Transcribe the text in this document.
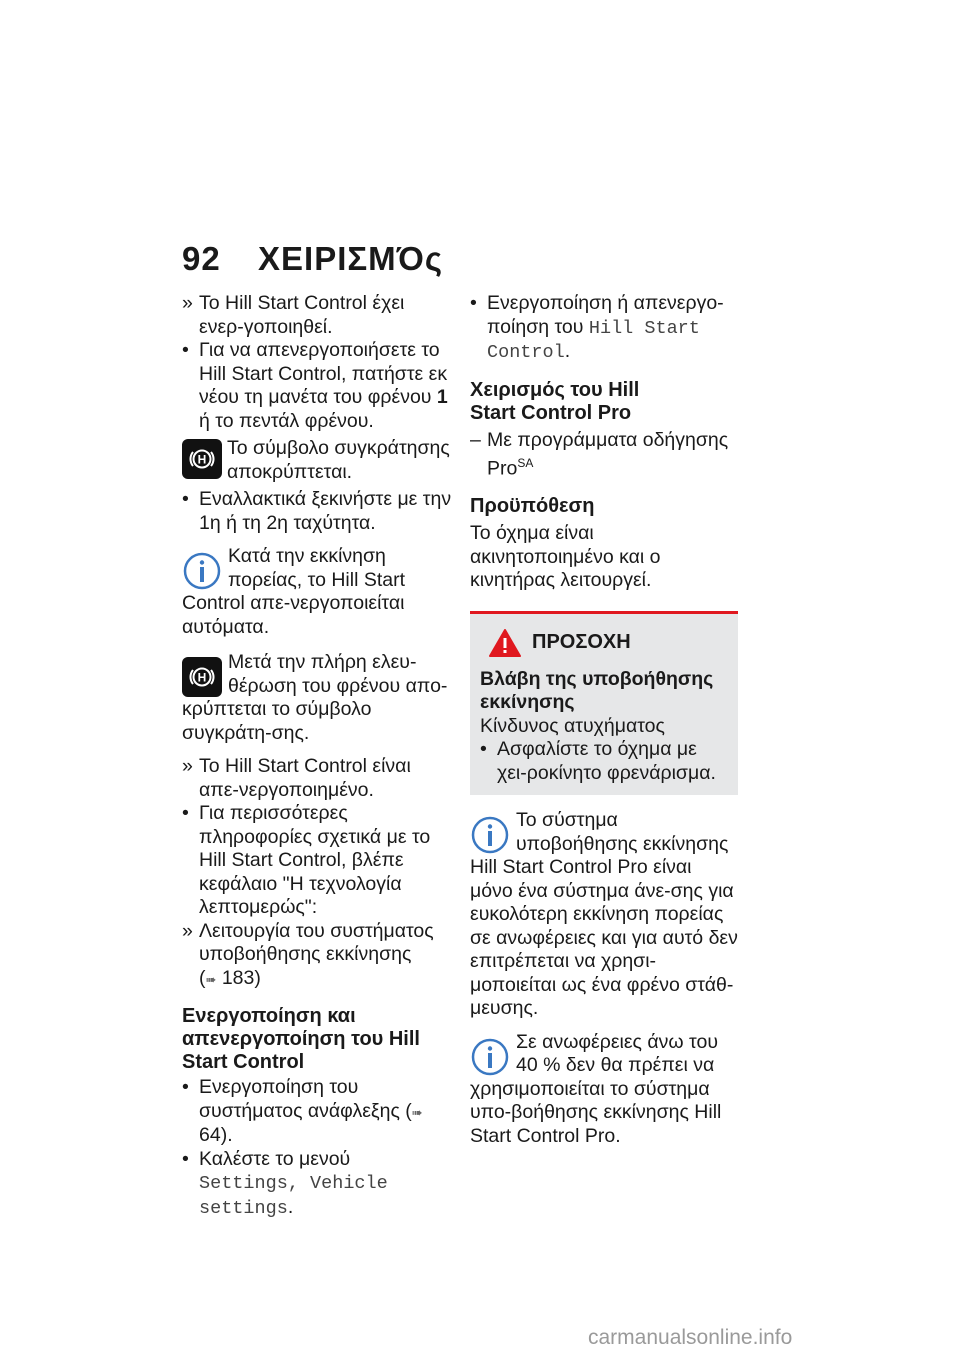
92 ΧΕΙΡΙΣΜΌς
» Το Hill Start Control έχει ενερ-γοποιηθεί.
• Για να απενεργοποιήσετε το Hill Start Control, πατήστε εκ νέου τη μανέτα του φρένου 1 ή το πεντάλ φρένου.
H
Το σύμβολο συγκράτησης αποκρύπτεται.
• Εναλλακτικά ξεκινήστε με την 1η ή τη 2η ταχύτητα.
Κατά την εκκίνηση πορείας, το Hill Start Control απε-νεργοποιείται αυτόματα.
H
Μετά την πλήρη ελευ-θέρωση του φρένου απο-κρύπτεται το σύμβολο συγκράτη-σης.
» Το Hill Start Control είναι απε-νεργοποιημένο.
• Για περισσότερες πληροφορίες σχετικά με το Hill Start Control, βλέπε κεφάλαιο "Η τεχνολογία λεπτομερώς":
» Λειτουργία του συστήματος υποβοήθησης εκκίνησης
(➠ 183)
Ενεργοποίηση και απενεργοποίηση του Hill Start Control
• Ενεργοποίηση του συστήματος ανάφλεξης (➠ 64).
• Καλέστε το μενού Settings, Vehicle settings.
• Ενεργοποίηση ή απενεργο-ποίηση του Hill Start Control.
Χειρισμός του Hill Start Control Pro
– Με προγράμματα οδήγησης Pro$^{SA}$
Προϋπόθεση
Το όχημα είναι ακινητοποιημένο και ο κινητήρας λειτουργεί.
ΠΡΟΣΟΧΗ
Βλάβη της υποβοήθησης εκκίνησης
Κίνδυνος ατυχήματος
• Ασφαλίστε το όχημα με χει-ροκίνητο φρενάρισμα.
Το σύστημα υποβοήθησης εκκίνησης Hill Start Control Pro είναι μόνο ένα σύστημα άνε-σης για ευκολότερη εκκίνηση πορείας σε ανωφέρειες και για αυτό δεν επιτρέπεται να χρησι-μοποιείται ως ένα φρένο στάθ-μευσης.
Σε ανωφέρειες άνω του 40 % δεν θα πρέπει να χρησιμοποιείται το σύστημα υπο-βοήθησης εκκίνησης Hill Start Control Pro.
carmanualsonline.info
